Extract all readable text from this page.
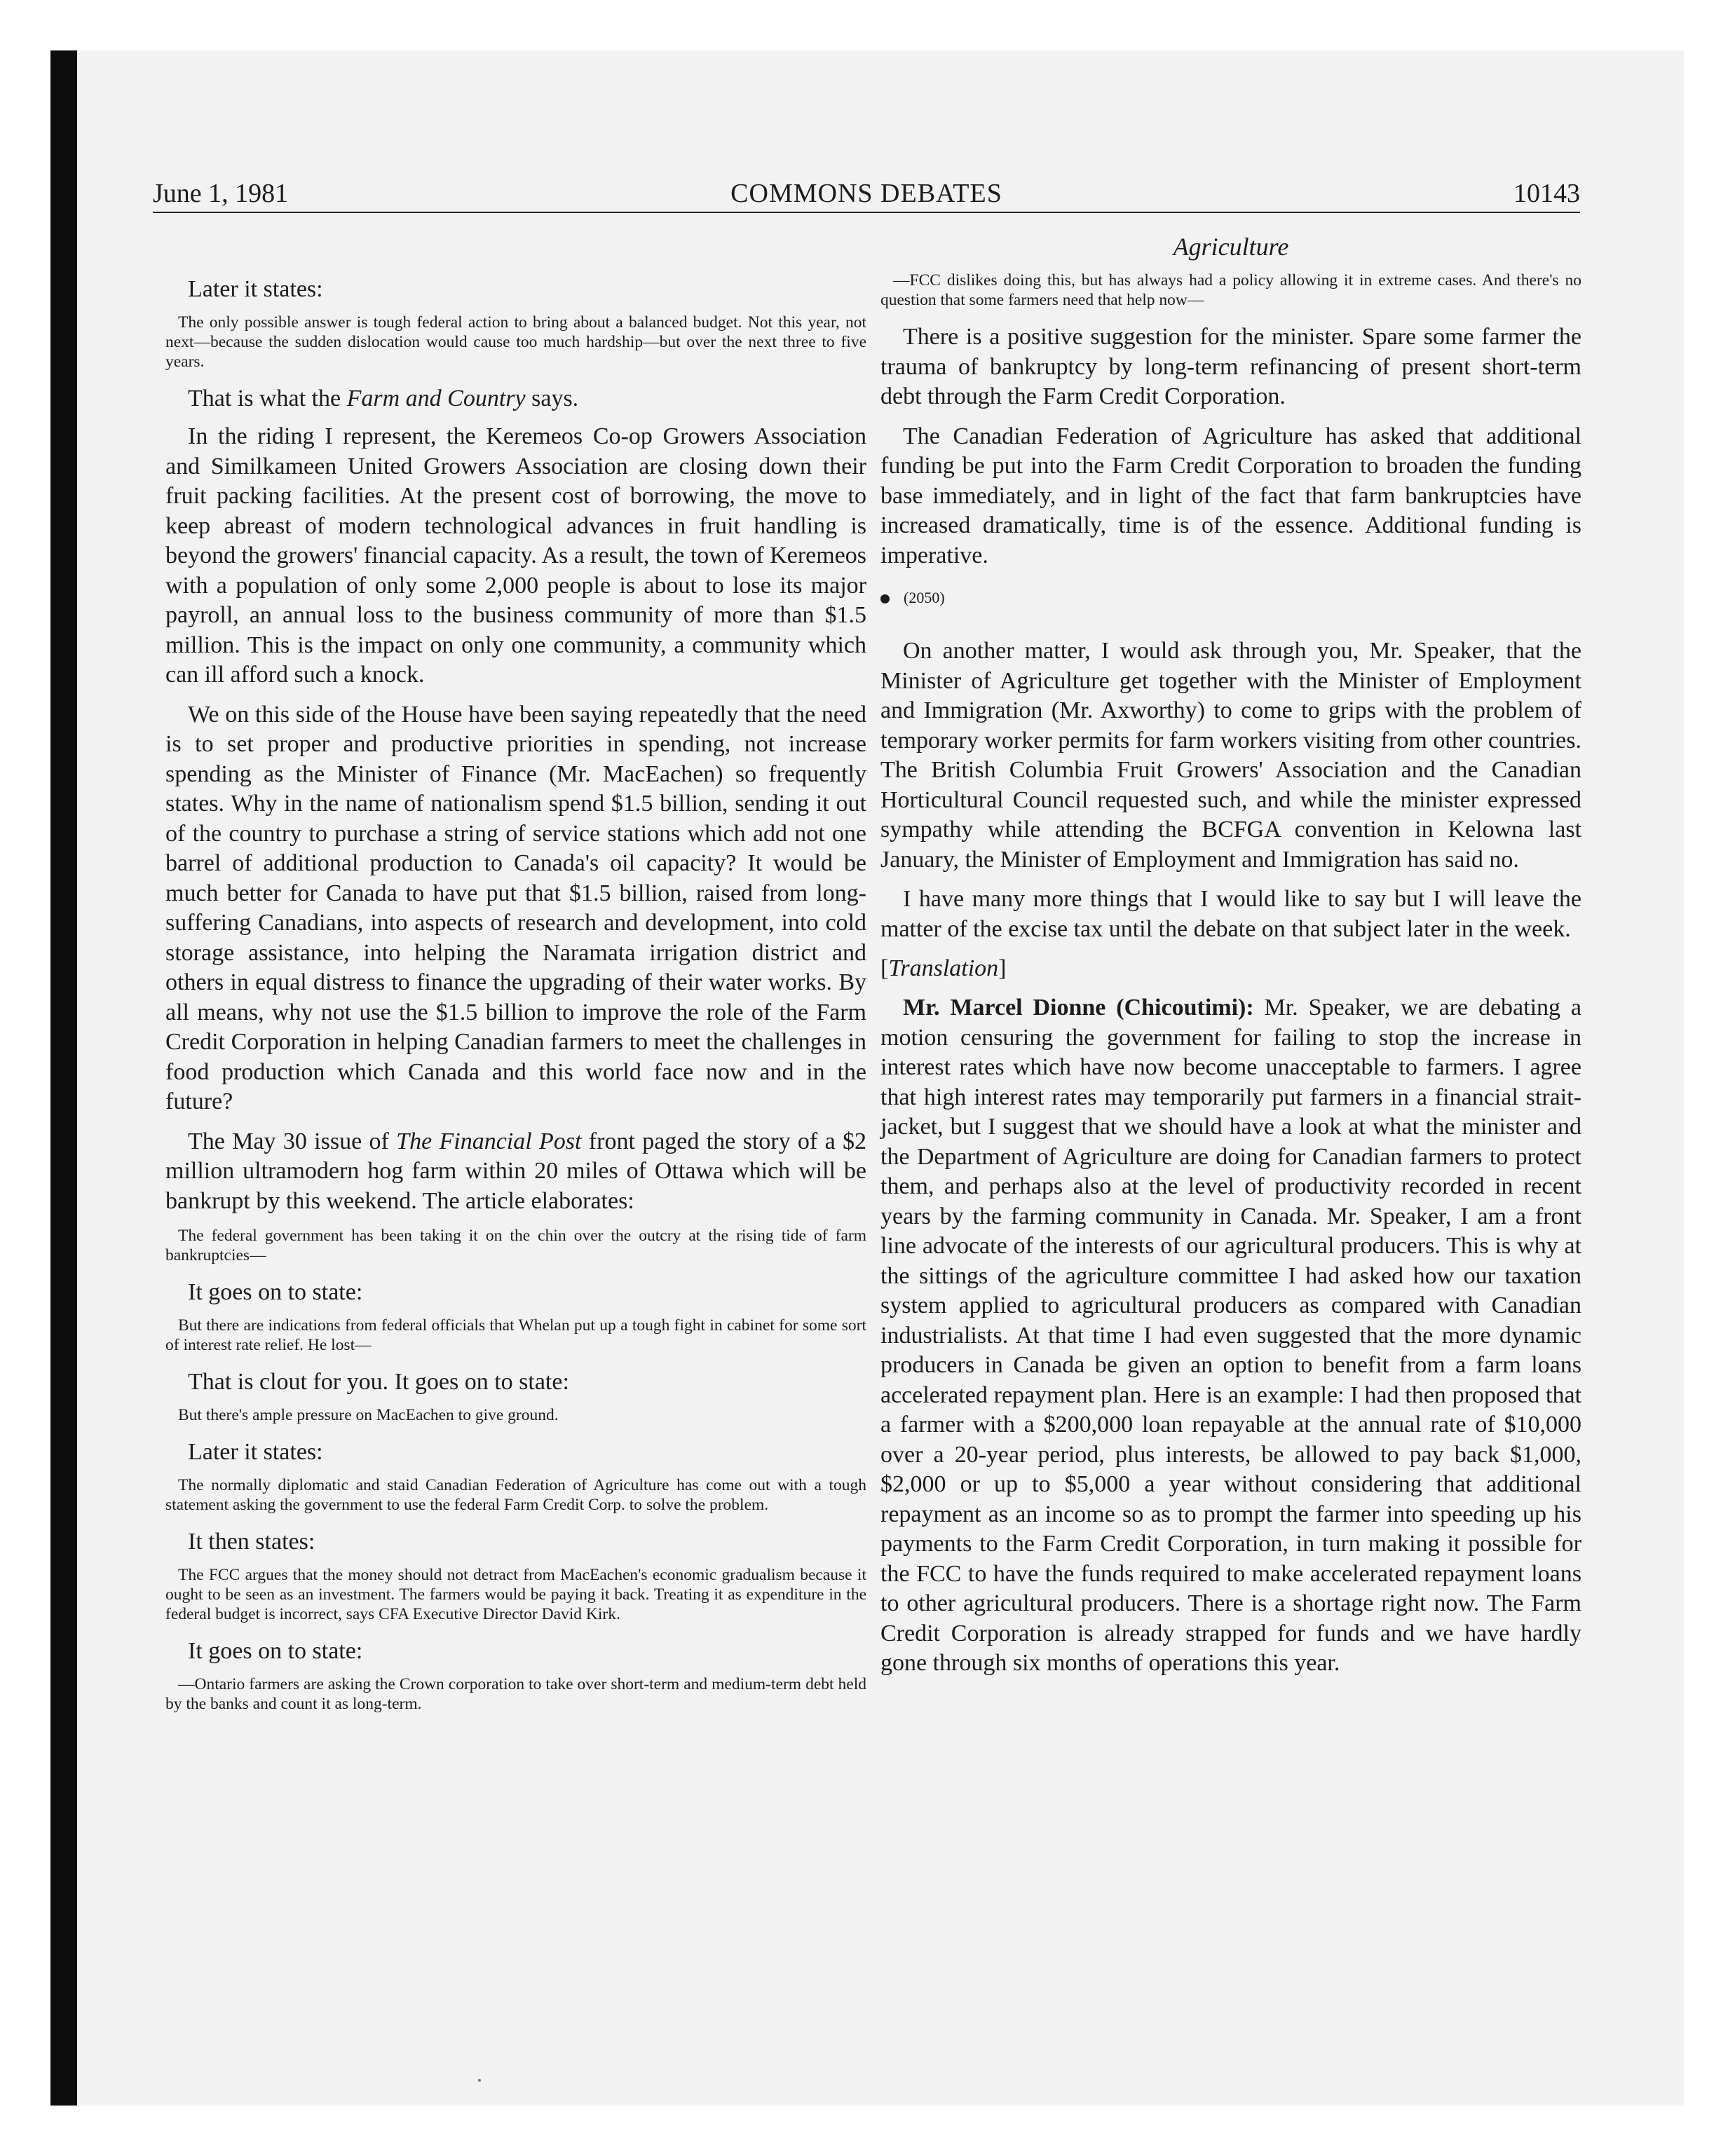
COMMONS DEBATES
June 1, 1981	10143

Later it states:

The only possible answer is tough federal action to bring about a balanced budget. Not this year, not next—because the sudden dislocation would cause too much hardship—but over the next three to five years.

That is what the Farm and Country says.

In the riding I represent, the Keremeos Co-op Growers Association and Similkameen United Growers Association are closing down their fruit packing facilities. At the present cost of borrowing, the move to keep abreast of modern technological advances in fruit handling is beyond the growers' financial capacity. As a result, the town of Keremeos with a population of only some 2,000 people is about to lose its major payroll, an annual loss to the business community of more than $1.5 million. This is the impact on only one community, a community which can ill afford such a knock.

We on this side of the House have been saying repeatedly that the need is to set proper and productive priorities in spending, not increase spending as the Minister of Finance (Mr. MacEachen) so frequently states. Why in the name of nationalism spend $1.5 billion, sending it out of the country to purchase a string of service stations which add not one barrel of additional production to Canada's oil capacity? It would be much better for Canada to have put that $1.5 billion, raised from long-suffering Canadians, into aspects of research and development, into cold storage assistance, into helping the Naramata irrigation district and others in equal distress to finance the upgrading of their water works. By all means, why not use the $1.5 billion to improve the role of the Farm Credit Corporation in helping Canadian farmers to meet the challenges in food production which Canada and this world face now and in the future?

The May 30 issue of The Financial Post front paged the story of a $2 million ultramodern hog farm within 20 miles of Ottawa which will be bankrupt by this weekend. The article elaborates:

The federal government has been taking it on the chin over the outcry at the rising tide of farm bankruptcies—

It goes on to state:

But there are indications from federal officials that Whelan put up a tough fight in cabinet for some sort of interest rate relief. He lost—

That is clout for you. It goes on to state:

But there's ample pressure on MacEachen to give ground.

Later it states:

The normally diplomatic and staid Canadian Federation of Agriculture has come out with a tough statement asking the government to use the federal Farm Credit Corp. to solve the problem.

It then states:

The FCC argues that the money should not detract from MacEachen's economic gradualism because it ought to be seen as an investment. The farmers would be paying it back. Treating it as expenditure in the federal budget is incorrect, says CFA Executive Director David Kirk.

It goes on to state:

—Ontario farmers are asking the Crown corporation to take over short-term and medium-term debt held by the banks and count it as long-term.

Agriculture

—FCC dislikes doing this, but has always had a policy allowing it in extreme cases. And there's no question that some farmers need that help now—

There is a positive suggestion for the minister. Spare some farmer the trauma of bankruptcy by long-term refinancing of present short-term debt through the Farm Credit Corporation.

The Canadian Federation of Agriculture has asked that additional funding be put into the Farm Credit Corporation to broaden the funding base immediately, and in light of the fact that farm bankruptcies have increased dramatically, time is of the essence. Additional funding is imperative.

(2050)

On another matter, I would ask through you, Mr. Speaker, that the Minister of Agriculture get together with the Minister of Employment and Immigration (Mr. Axworthy) to come to grips with the problem of temporary worker permits for farm workers visiting from other countries. The British Columbia Fruit Growers' Association and the Canadian Horticultural Council requested such, and while the minister expressed sympathy while attending the BCFGA convention in Kelowna last January, the Minister of Employment and Immigration has said no.

I have many more things that I would like to say but I will leave the matter of the excise tax until the debate on that subject later in the week.

[Translation]

Mr. Marcel Dionne (Chicoutimi): Mr. Speaker, we are debating a motion censuring the government for failing to stop the increase in interest rates which have now become unacceptable to farmers. I agree that high interest rates may temporarily put farmers in a financial strait-jacket, but I suggest that we should have a look at what the minister and the Department of Agriculture are doing for Canadian farmers to protect them, and perhaps also at the level of productivity recorded in recent years by the farming community in Canada. Mr. Speaker, I am a front line advocate of the interests of our agricultural producers. This is why at the sittings of the agriculture committee I had asked how our taxation system applied to agricultural producers as compared with Canadian industrialists. At that time I had even suggested that the more dynamic producers in Canada be given an option to benefit from a farm loans accelerated repayment plan. Here is an example: I had then proposed that a farmer with a $200,000 loan repayable at the annual rate of $10,000 over a 20-year period, plus interests, be allowed to pay back $1,000, $2,000 or up to $5,000 a year without considering that additional repayment as an income so as to prompt the farmer into speeding up his payments to the Farm Credit Corporation, in turn making it possible for the FCC to have the funds required to make accelerated repayment loans to other agricultural producers. There is a shortage right now. The Farm Credit Corporation is already strapped for funds and we have hardly gone through six months of operations this year.
